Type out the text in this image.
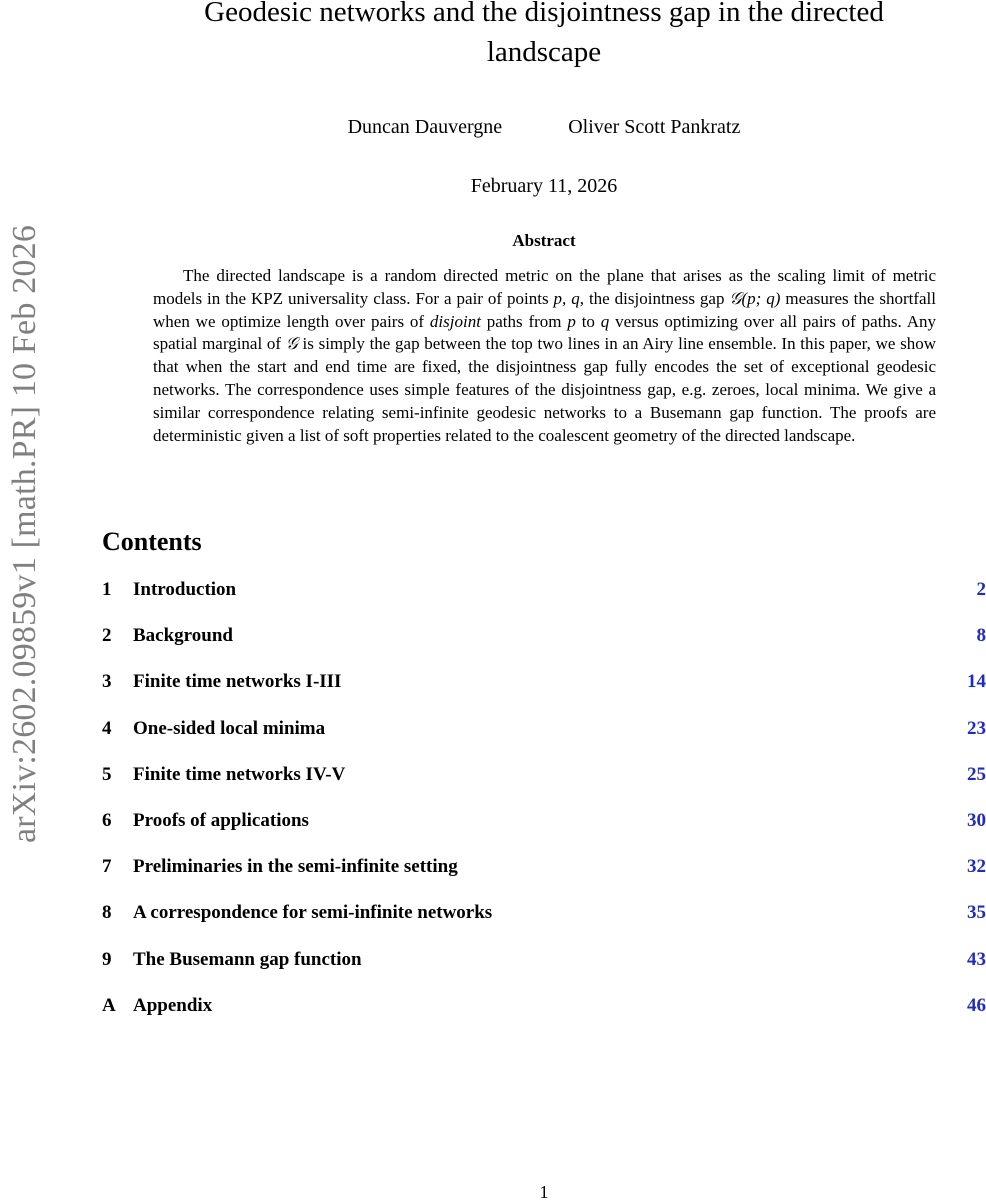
arXiv:2602.09859v1 [math.PR] 10 Feb 2026
Geodesic networks and the disjointness gap in the directed
landscape
Duncan Dauvergne	Oliver Scott Pankratz
February 11, 2026
Abstract

The directed landscape is a random directed metric on the plane that arises as the scaling limit of metric models in the KPZ universality class. For a pair of points p, q, the disjointness gap 𝒢(p; q) measures the shortfall when we optimize length over pairs of disjoint paths from p to q versus optimizing over all pairs of paths. Any spatial marginal of 𝒢 is simply the gap between the top two lines in an Airy line ensemble. In this paper, we show that when the start and end time are fixed, the disjointness gap fully encodes the set of exceptional geodesic networks. The correspondence uses simple features of the disjointness gap, e.g. zeroes, local minima. We give a similar correspondence relating semi-infinite geodesic networks to a Busemann gap function. The proofs are deterministic given a list of soft properties related to the coalescent geometry of the directed landscape.

Contents
1	Introduction	2
2	Background	8
3	Finite time networks I-III	14
4	One-sided local minima	23
5	Finite time networks IV-V	25
6	Proofs of applications	30
7	Preliminaries in the semi-infinite setting	32
8	A correspondence for semi-infinite networks	35
9	The Busemann gap function	43
A Appendix	46
1
